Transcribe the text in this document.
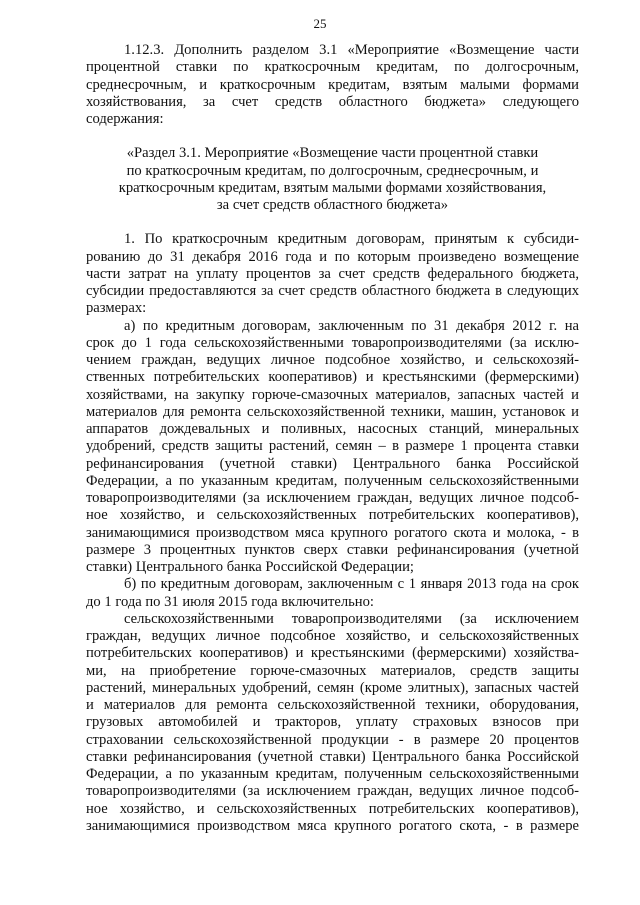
25
1.12.3. Дополнить разделом 3.1 «Мероприятие «Возмещение части
процентной ставки по краткосрочным кредитам, по долгосрочным,
среднесрочным, и краткосрочным кредитам, взятым малыми формами
хозяйствования, за счет средств областного бюджета» следующего
содержания:
«Раздел 3.1. Мероприятие «Возмещение части процентной ставки
по краткосрочным кредитам, по долгосрочным, среднесрочным, и
краткосрочным кредитам, взятым малыми формами хозяйствования,
за счет средств областного бюджета»
1. По краткосрочным кредитным договорам, принятым к субсиди-
рованию до 31 декабря 2016 года и по которым произведено возмещение
части затрат на уплату процентов за счет средств федерального бюджета,
субсидии предоставляются за счет средств областного бюджета в следующих
размерах:
а) по кредитным договорам, заключенным по 31 декабря 2012 г. на
срок до 1 года сельскохозяйственными товаропроизводителями (за исклю-
чением граждан, ведущих личное подсобное хозяйство, и сельскохозяй-
ственных потребительских кооперативов) и крестьянскими (фермерскими)
хозяйствами, на закупку горюче-смазочных материалов, запасных частей и
материалов для ремонта сельскохозяйственной техники, машин, установок и
аппаратов дождевальных и поливных, насосных станций, минеральных
удобрений, средств защиты растений, семян – в размере 1 процента ставки
рефинансирования (учетной ставки) Центрального банка Российской
Федерации, а по указанным кредитам, полученным сельскохозяйственными
товаропроизводителями (за исключением граждан, ведущих личное подсоб-
ное хозяйство, и сельскохозяйственных потребительских кооперативов),
занимающимися производством мяса крупного рогатого скота и молока, - в
размере 3 процентных пунктов сверх ставки рефинансирования (учетной
ставки) Центрального банка Российской Федерации;
б) по кредитным договорам, заключенным с 1 января 2013 года на срок
до 1 года по 31 июля 2015 года включительно:
сельскохозяйственными товаропроизводителями (за исключением
граждан, ведущих личное подсобное хозяйство, и сельскохозяйственных
потребительских кооперативов) и крестьянскими (фермерскими) хозяйства-
ми, на приобретение горюче-смазочных материалов, средств защиты
растений, минеральных удобрений, семян (кроме элитных), запасных частей
и материалов для ремонта сельскохозяйственной техники, оборудования,
грузовых автомобилей и тракторов, уплату страховых взносов при
страховании сельскохозяйственной продукции - в размере 20 процентов
ставки рефинансирования (учетной ставки) Центрального банка Российской
Федерации, а по указанным кредитам, полученным сельскохозяйственными
товаропроизводителями (за исключением граждан, ведущих личное подсоб-
ное хозяйство, и сельскохозяйственных потребительских кооперативов),
занимающимися производством мяса крупного рогатого скота, - в размере
